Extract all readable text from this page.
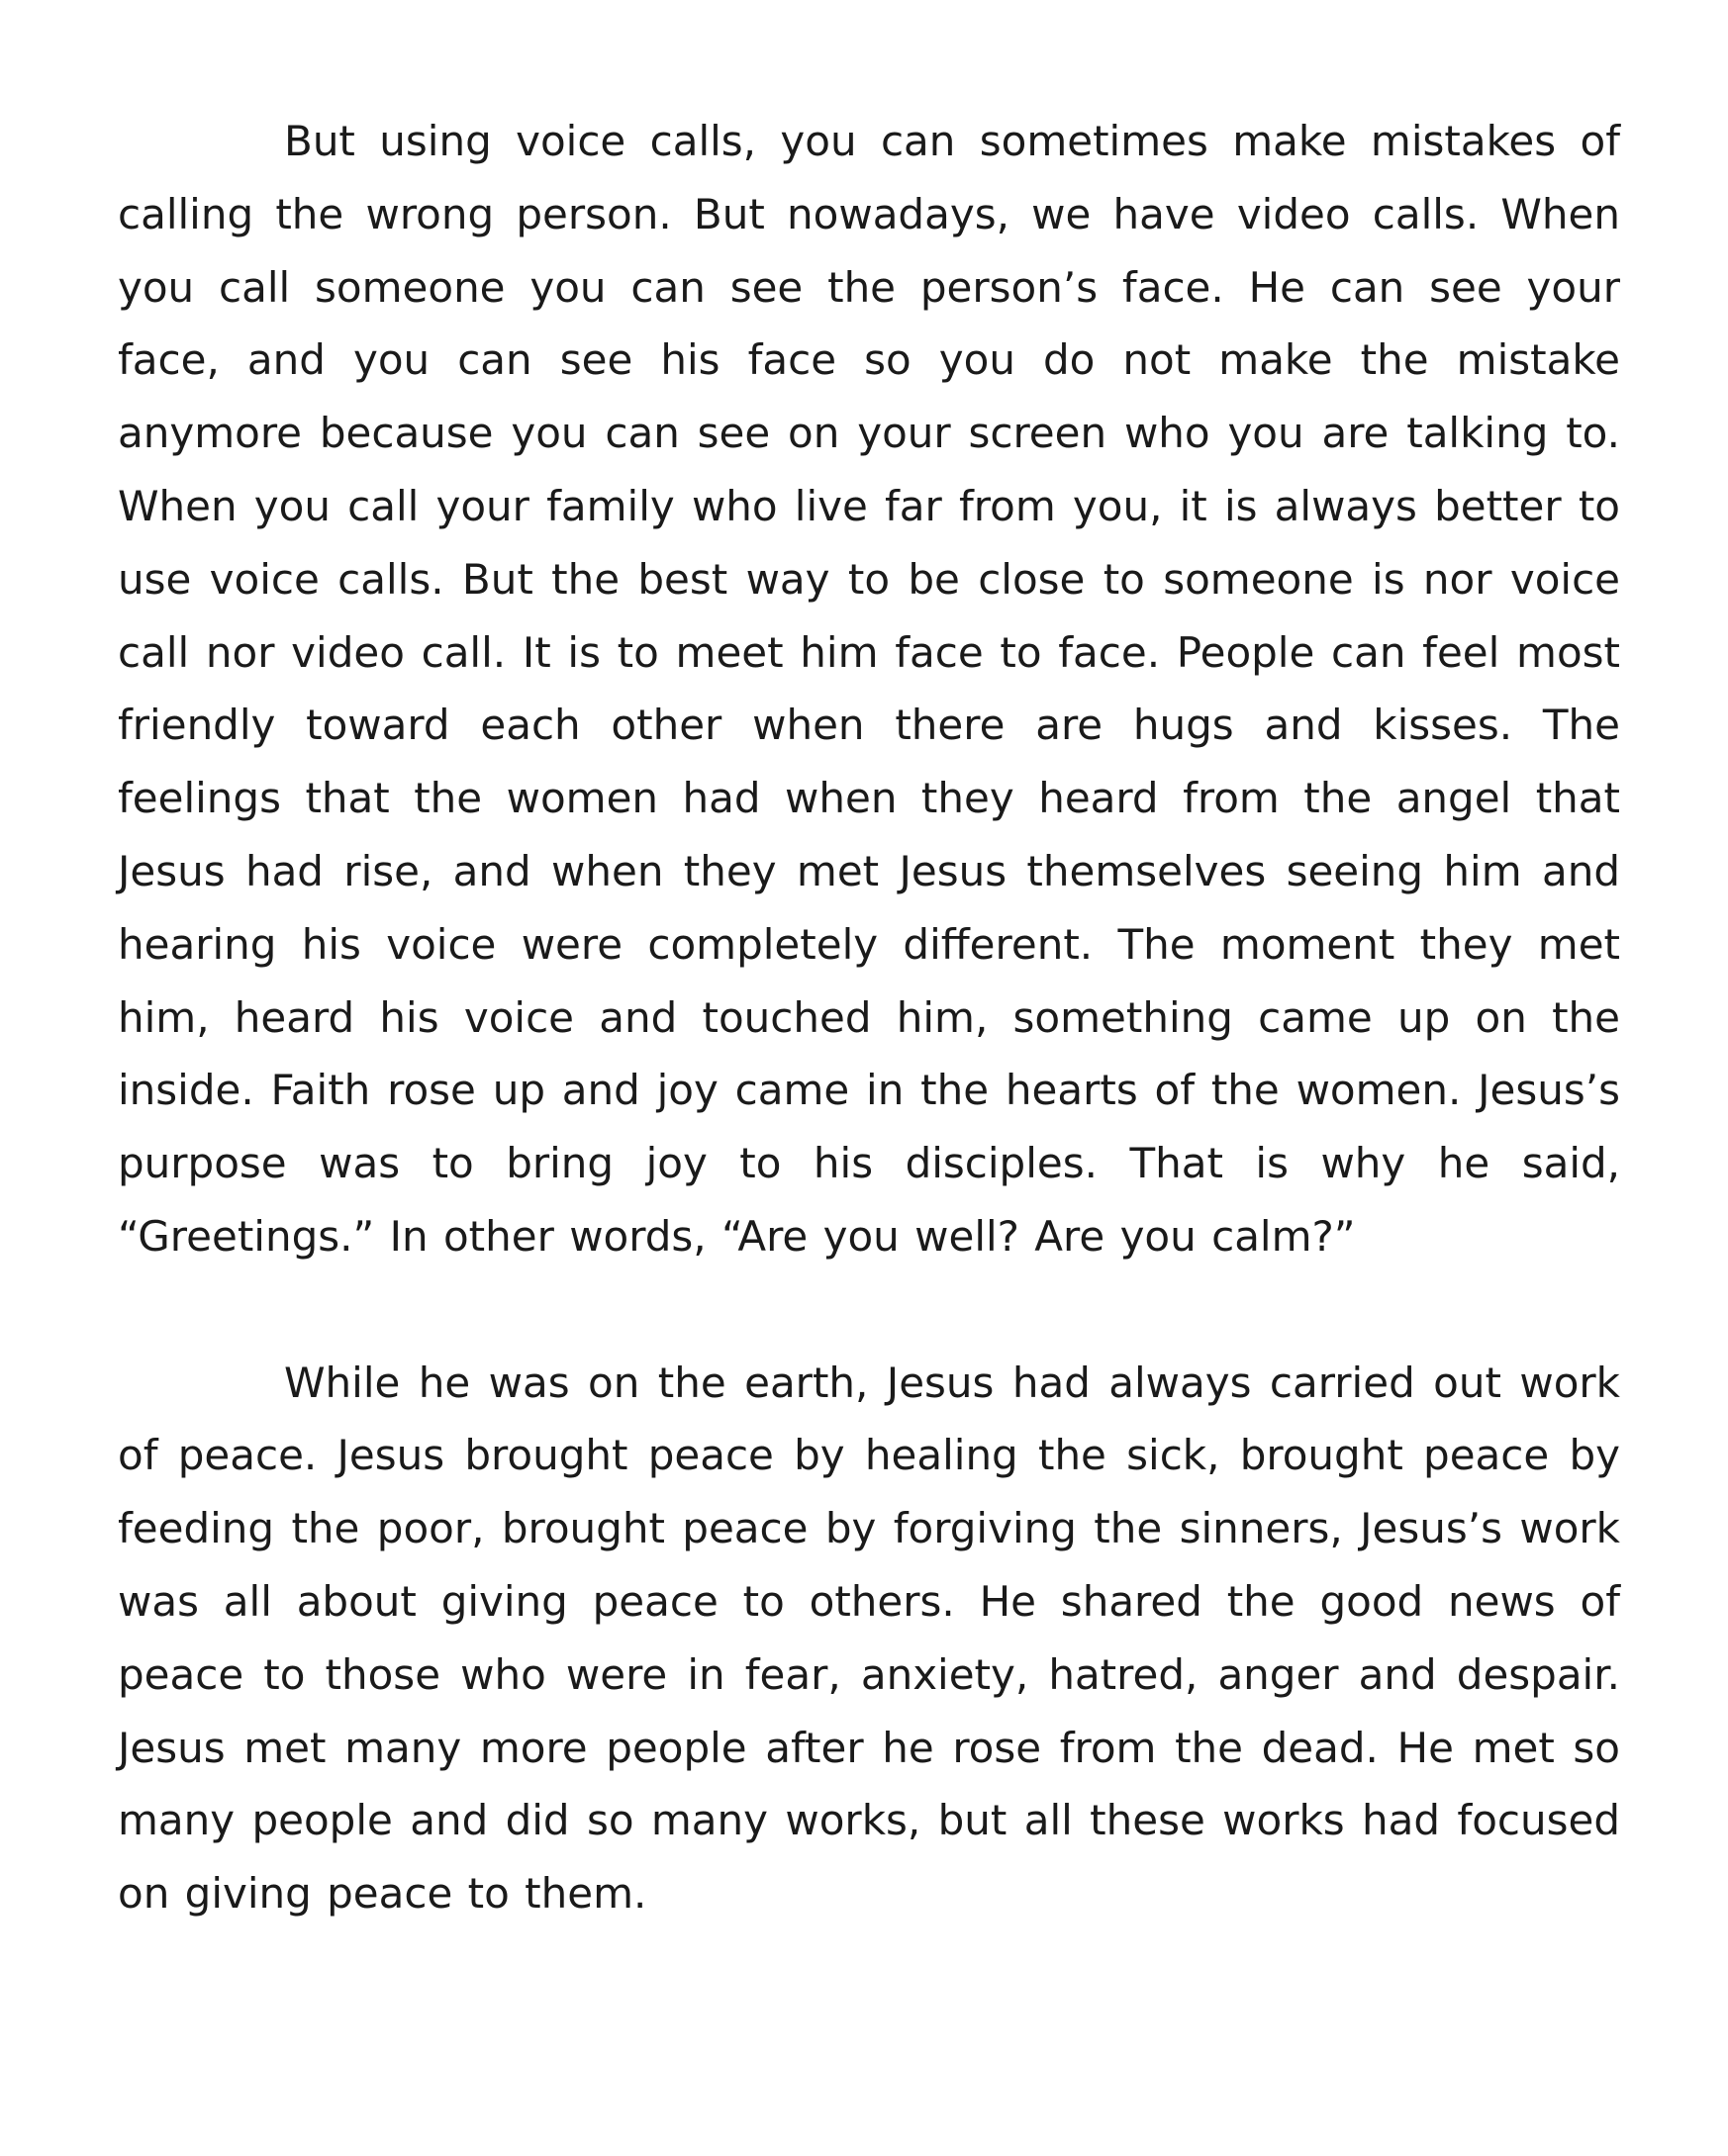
But using voice calls, you can sometimes make mistakes of calling the wrong person. But nowadays, we have video calls. When you call someone you can see the person’s face. He can see your face, and you can see his face so you do not make the mistake anymore because you can see on your screen who you are talking to. When you call your family who live far from you, it is always better to use voice calls. But the best way to be close to someone is nor voice call nor video call. It is to meet him face to face. People can feel most friendly toward each other when there are hugs and kisses. The feelings that the women had when they heard from the angel that Jesus had rise, and when they met Jesus themselves seeing him and hearing his voice were completely different. The moment they met him, heard his voice and touched him, something came up on the inside. Faith rose up and joy came in the hearts of the women. Jesus’s purpose was to bring joy to his disciples. That is why he said, “Greetings.” In other words, “Are you well? Are you calm?”

While he was on the earth, Jesus had always carried out work of peace. Jesus brought peace by healing the sick, brought peace by feeding the poor, brought peace by forgiving the sinners, Jesus’s work was all about giving peace to others. He shared the good news of peace to those who were in fear, anxiety, hatred, anger and despair. Jesus met many more people after he rose from the dead. He met so many people and did so many works, but all these works had focused on giving peace to them.
